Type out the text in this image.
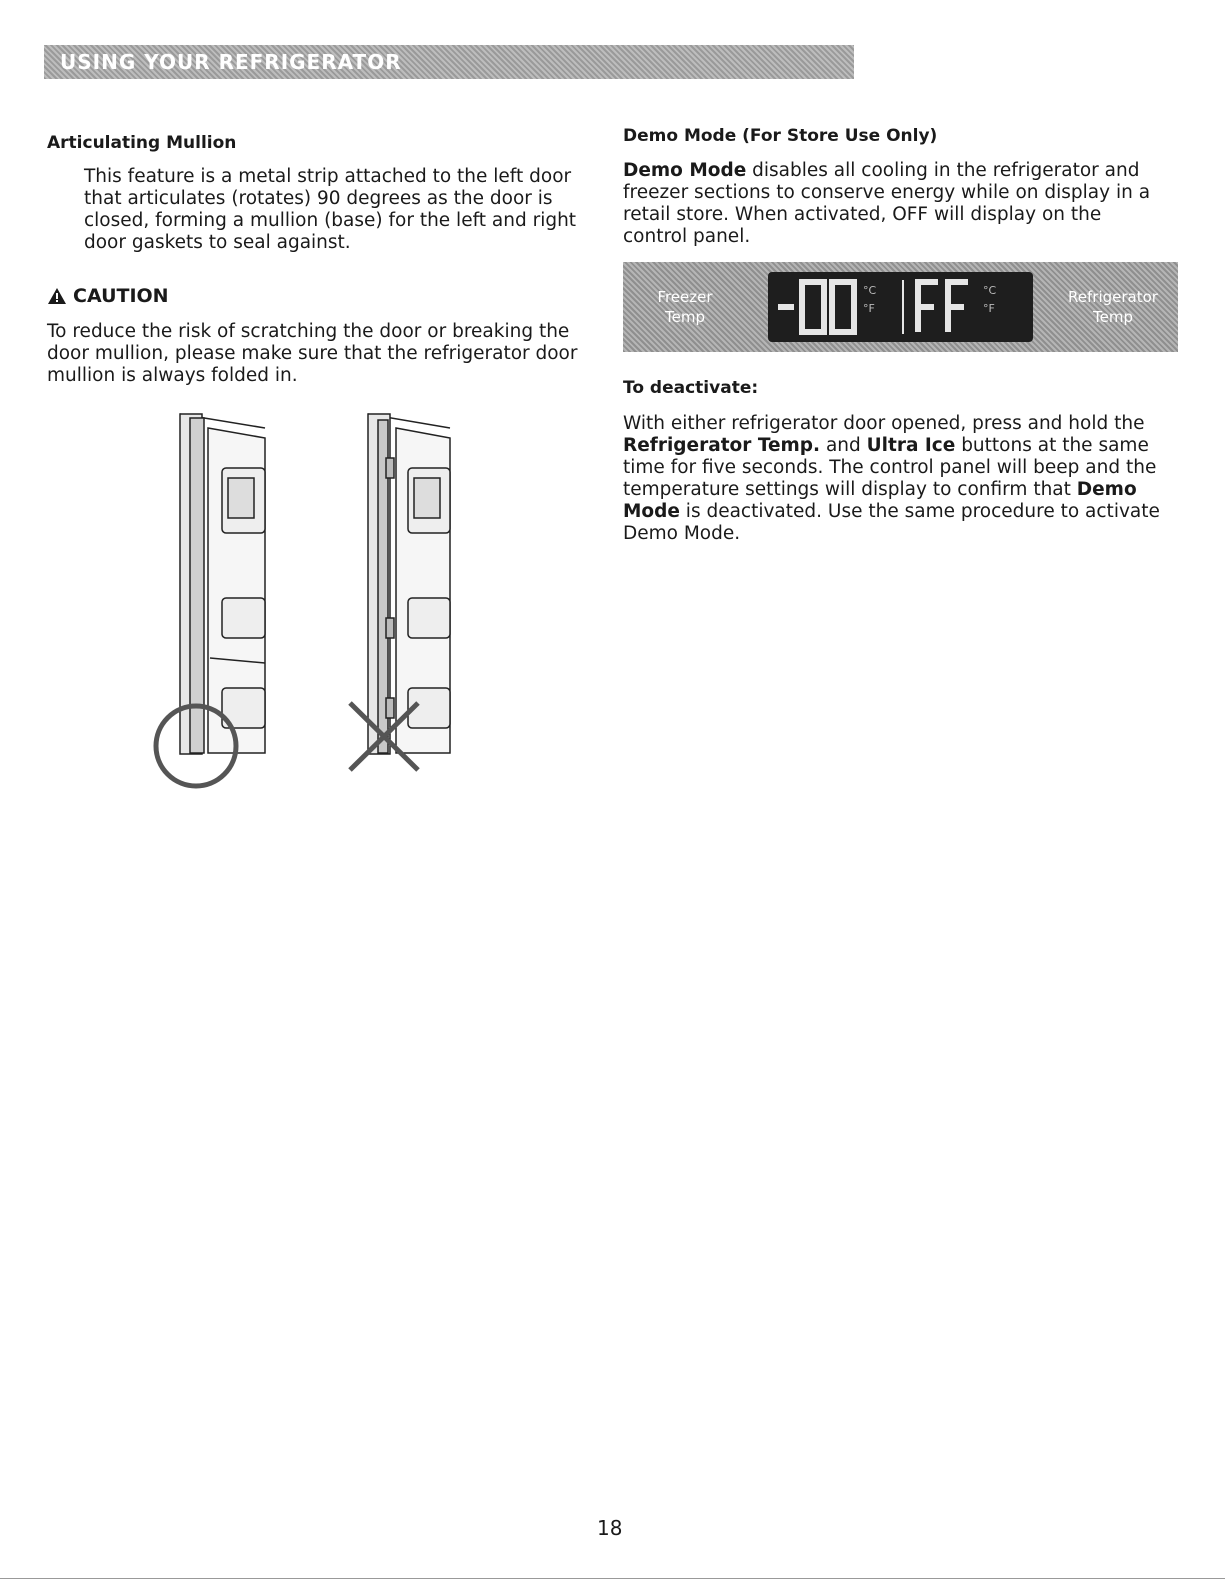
USING YOUR REFRIGERATOR
Articulating Mullion

This feature is a metal strip attached to the left door that articulates (rotates) 90 degrees as the door is closed, forming a mullion (base) for the left and right door gaskets to seal against.

CAUTION

To reduce the risk of scratching the door or breaking the door mullion, please make sure that the refrigerator door mullion is always folded in.

Demo Mode (For Store Use Only)

Demo Mode disables all cooling in the refrigerator and freezer sections to conserve energy while on display in a retail store. When activated, OFF will display on the control panel.

Freezer
Temp
°C
°F
°C
°F
Refrigerator
Temp
To deactivate:

With either refrigerator door opened, press and hold the Refrigerator Temp. and Ultra Ice buttons at the same time for five seconds. The control panel will beep and the temperature settings will display to confirm that Demo Mode is deactivated. Use the same procedure to activate Demo Mode.

18
